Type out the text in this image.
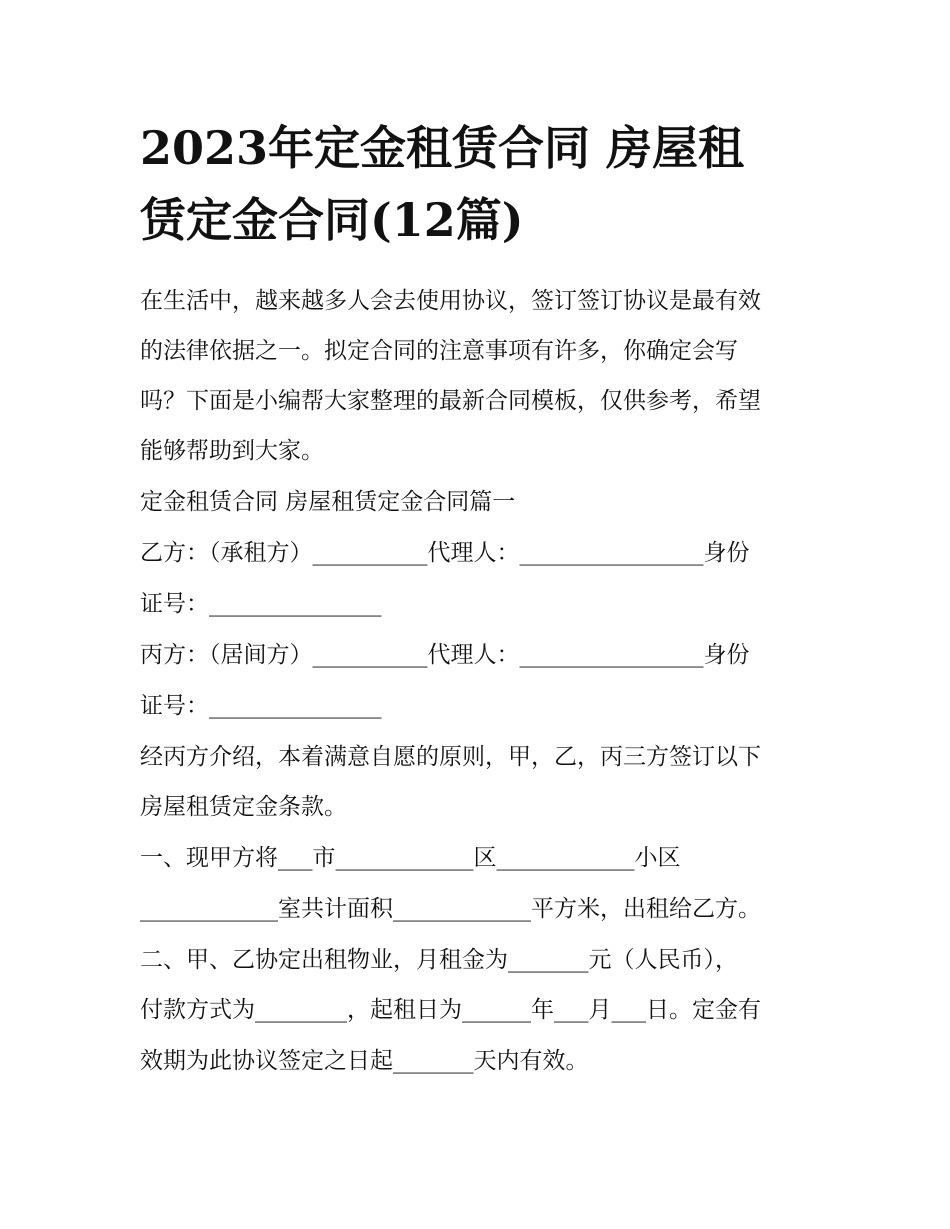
2023年定金租赁合同 房屋租
赁定金合同(12篇)
在生活中，越来越多人会去使用协议，签订签订协议是最有效
的法律依据之一。拟定合同的注意事项有许多，你确定会写
吗？下面是小编帮大家整理的最新合同模板，仅供参考，希望
能够帮助到大家。
定金租赁合同 房屋租赁定金合同篇一
乙方：（承租方）__________代理人：________________身份
证号：_______________
丙方：（居间方）__________代理人：________________身份
证号：_______________
经丙方介绍，本着满意自愿的原则，甲，乙，丙三方签订以下
房屋租赁定金条款。
一、现甲方将___市____________区____________小区
____________室共计面积____________平方米，出租给乙方。
二、甲、乙协定出租物业，月租金为_______元（人民币），
付款方式为________，起租日为______年___月___日。定金有
效期为此协议签定之日起_______天内有效。
